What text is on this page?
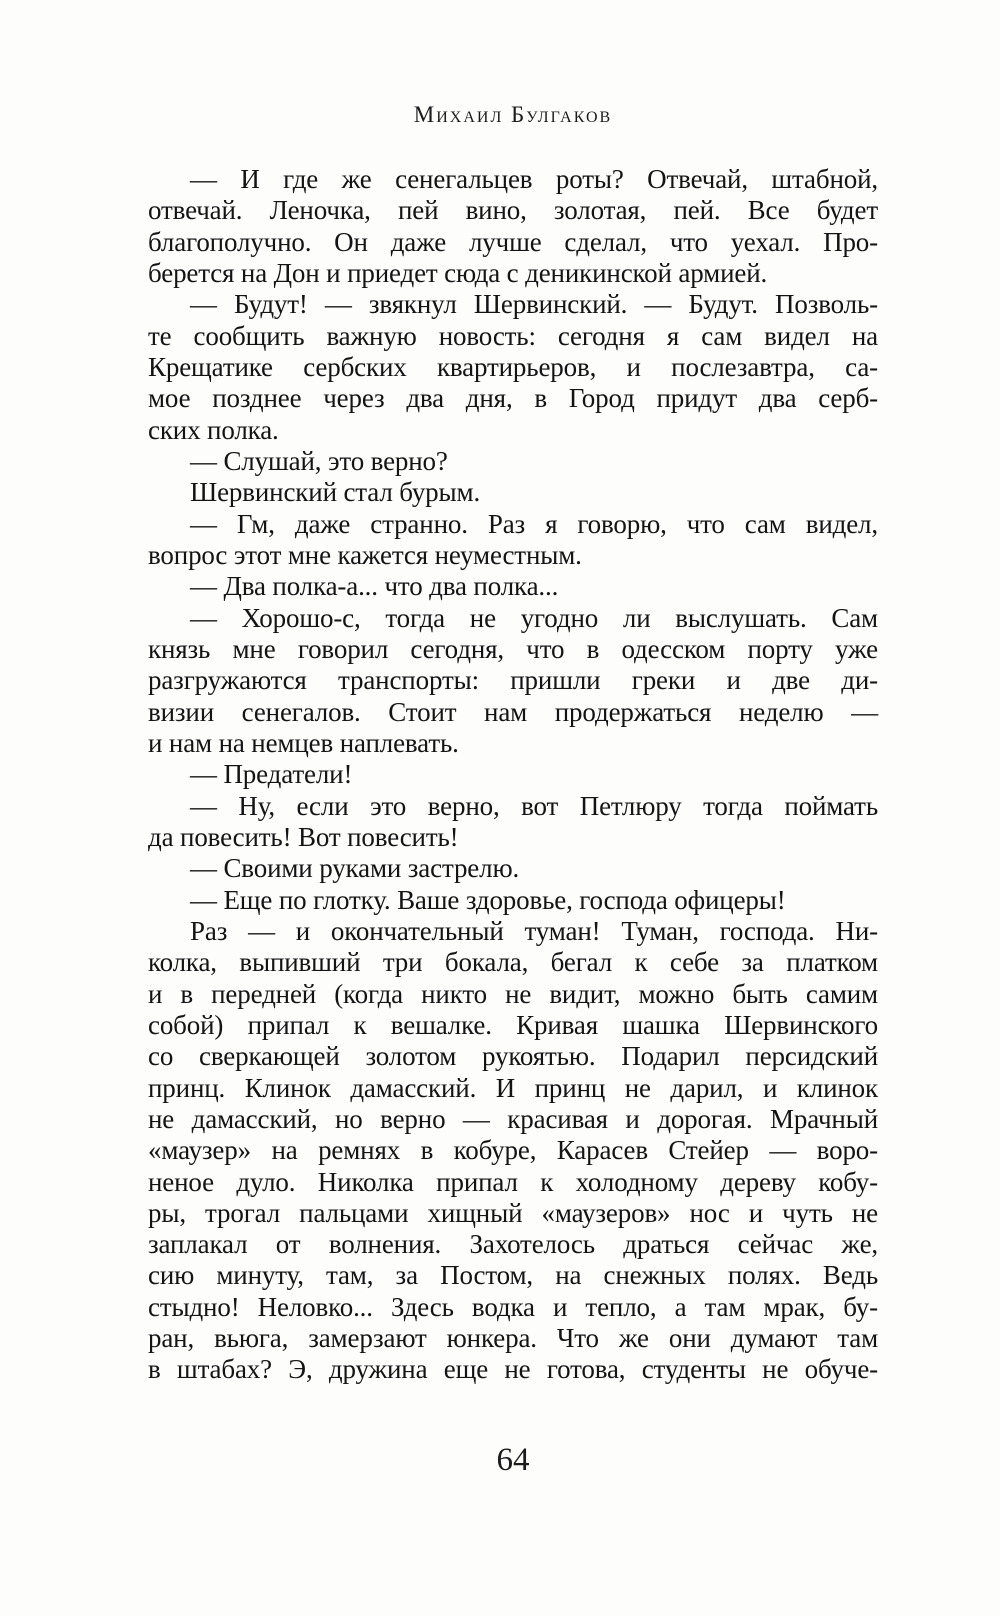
Михаил Булгаков
— И где же сенегальцев роты? Отвечай, штабной,
отвечай. Леночка, пей вино, золотая, пей. Все будет
благополучно. Он даже лучше сделал, что уехал. Про-
берется на Дон и приедет сюда с деникинской армией.
— Будут! — звякнул Шервинский. — Будут. Позволь-
те сообщить важную новость: сегодня я сам видел на
Крещатике сербских квартирьеров, и послезавтра, са-
мое позднее через два дня, в Город придут два серб-
ских полка.
— Слушай, это верно?
Шервинский стал бурым.
— Гм, даже странно. Раз я говорю, что сам видел,
вопрос этот мне кажется неуместным.
— Два полка-а... что два полка...
— Хорошо-с, тогда не угодно ли выслушать. Сам
князь мне говорил сегодня, что в одесском порту уже
разгружаются транспорты: пришли греки и две ди-
визии сенегалов. Стоит нам продержаться неделю —
и нам на немцев наплевать.
— Предатели!
— Ну, если это верно, вот Петлюру тогда поймать
да повесить! Вот повесить!
— Своими руками застрелю.
— Еще по глотку. Ваше здоровье, господа офицеры!
Раз — и окончательный туман! Туман, господа. Ни-
колка, выпивший три бокала, бегал к себе за платком
и в передней (когда никто не видит, можно быть самим
собой) припал к вешалке. Кривая шашка Шервинского
со сверкающей золотом рукоятью. Подарил персидский
принц. Клинок дамасский. И принц не дарил, и клинок
не дамасский, но верно — красивая и дорогая. Мрачный
«маузер» на ремнях в кобуре, Карасев Стейер — воро-
неное дуло. Николка припал к холодному дереву кобу-
ры, трогал пальцами хищный «маузеров» нос и чуть не
заплакал от волнения. Захотелось драться сейчас же,
сию минуту, там, за Постом, на снежных полях. Ведь
стыдно! Неловко... Здесь водка и тепло, а там мрак, бу-
ран, вьюга, замерзают юнкера. Что же они думают там
в штабах? Э, дружина еще не готова, студенты не обуче-
64
